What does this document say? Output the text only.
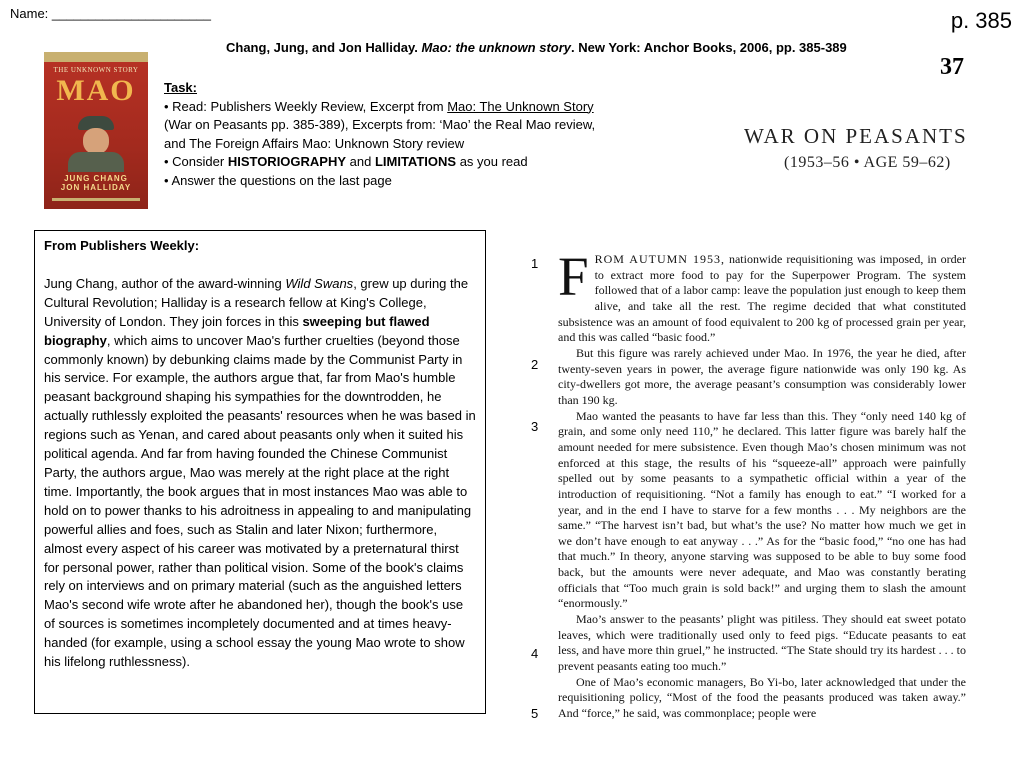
Name: ______________________	p. 385
Chang, Jung, and Jon Halliday. Mao: the unknown story. New York: Anchor Books, 2006, pp. 385-389
THE UNKNOWN STORY
MAO
JUNG CHANG
JON HALLIDAY
Task:
• Read: Publishers Weekly Review, Excerpt from Mao: The Unknown Story (War on Peasants pp. 385-389), Excerpts from: ‘Mao’ the Real Mao review, and The Foreign Affairs Mao: Unknown Story review
• Consider HISTORIOGRAPHY and LIMITATIONS as you read
• Answer the questions on the last page

From Publishers Weekly:

Jung Chang, author of the award-winning Wild Swans, grew up during the Cultural Revolution; Halliday is a research fellow at King's College, University of London. They join forces in this sweeping but flawed biography, which aims to uncover Mao's further cruelties (beyond those commonly known) by debunking claims made by the Communist Party in his service. For example, the authors argue that, far from Mao's humble peasant background shaping his sympathies for the downtrodden, he actually ruthlessly exploited the peasants' resources when he was based in regions such as Yenan, and cared about peasants only when it suited his political agenda. And far from having founded the Chinese Communist Party, the authors argue, Mao was merely at the right place at the right time. Importantly, the book argues that in most instances Mao was able to hold on to power thanks to his adroitness in appealing to and manipulating powerful allies and foes, such as Stalin and later Nixon; furthermore, almost every aspect of his career was motivated by a preternatural thirst for personal power, rather than political vision. Some of the book's claims rely on interviews and on primary material (such as the anguished letters Mao's second wife wrote after he abandoned her), though the book's use of sources is sometimes incompletely documented and at times heavy-handed (for example, using a school essay the young Mao wrote to show his lifelong ruthlessness).

37
WAR ON PEASANTS
(1953–56 • AGE 59–62)
1
2
3
4
5

FROM AUTUMN 1953, nationwide requisitioning was imposed, in order to extract more food to pay for the Superpower Program. The system followed that of a labor camp: leave the population just enough to keep them alive, and take all the rest. The regime decided that what constituted subsistence was an amount of food equivalent to 200 kg of processed grain per year, and this was called “basic food.”

But this figure was rarely achieved under Mao. In 1976, the year he died, after twenty-seven years in power, the average figure nationwide was only 190 kg. As city-dwellers got more, the average peasant’s consumption was considerably lower than 190 kg.

Mao wanted the peasants to have far less than this. They “only need 140 kg of grain, and some only need 110,” he declared. This latter figure was barely half the amount needed for mere subsistence. Even though Mao’s chosen minimum was not enforced at this stage, the results of his “squeeze-all” approach were painfully spelled out by some peasants to a sympathetic official within a year of the introduction of requisitioning. “Not a family has enough to eat.” “I worked for a year, and in the end I have to starve for a few months . . . My neighbors are the same.” “The harvest isn’t bad, but what’s the use? No matter how much we get in we don’t have enough to eat anyway . . .” As for the “basic food,” “no one has had that much.” In theory, anyone starving was supposed to be able to buy some food back, but the amounts were never adequate, and Mao was constantly berating officials that “Too much grain is sold back!” and urging them to slash the amount “enormously.”

Mao’s answer to the peasants’ plight was pitiless. They should eat sweet potato leaves, which were traditionally used only to feed pigs. “Educate peasants to eat less, and have more thin gruel,” he instructed. “The State should try its hardest . . . to prevent peasants eating too much.”

One of Mao’s economic managers, Bo Yi-bo, later acknowledged that under the requisitioning policy, “Most of the food the peasants produced was taken away.” And “force,” he said, was commonplace; people were
